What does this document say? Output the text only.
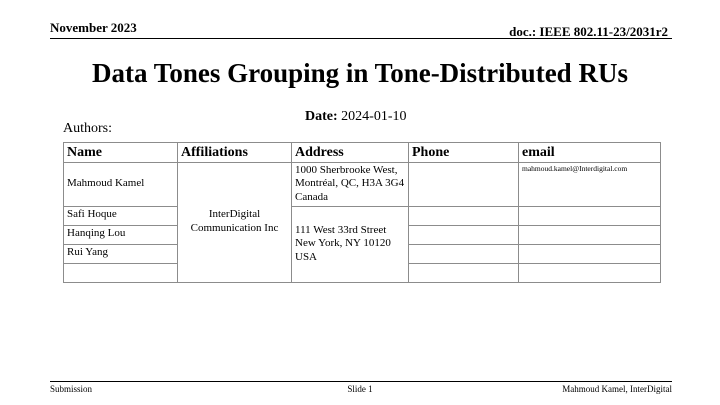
November 2023	doc.: IEEE 802.11-23/2031r2
Data Tones Grouping in Tone-Distributed RUs
Date: 2024-01-10
Authors:
Name	Affiliations	Address	Phone	email
Mahmoud Kamel	InterDigital Communication Inc	1000 Sherbrooke West, Montréal, QC, H3A 3G4 Canada		mahmoud.kamel@Interdigital.com
Safi Hoque		111 West 33rd Street New York, NY 10120 USA		
Hanqing Lou				
Rui Yang				

Submission	Slide 1	Mahmoud Kamel, InterDigital
